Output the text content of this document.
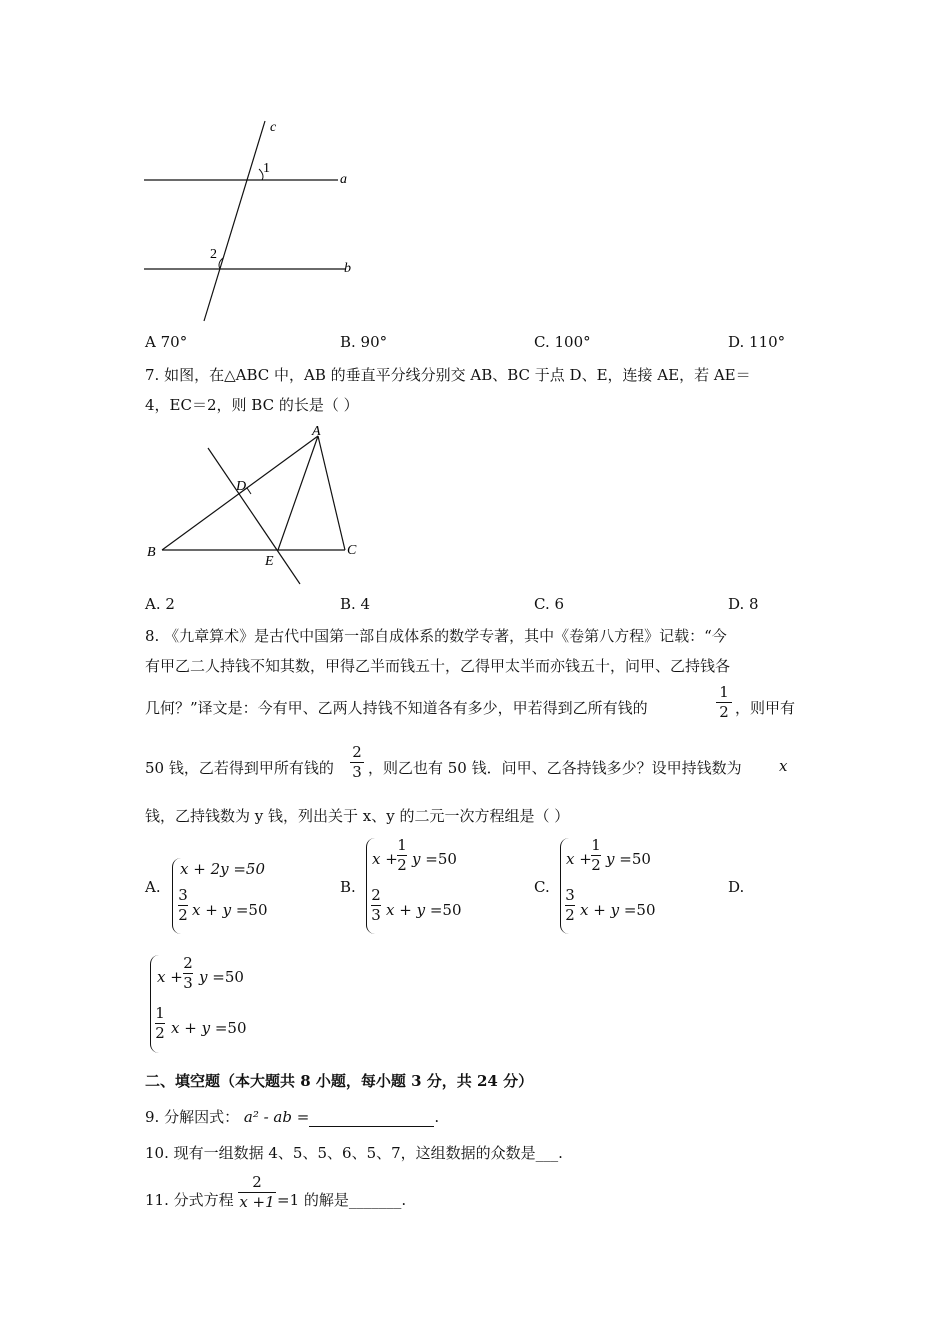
c
1
a
2
b
A 70°	B. 90°	C. 100°	D. 110°
7. 如图，在△ABC 中，AB 的垂直平分线分别交 AB、BC 于点 D、E，连接 AE，若 AE＝
4，EC＝2，则 BC 的长是（ ）
A
B	C
D
E
A. 2	B. 4	C. 6	D. 8
8. 《九章算术》是古代中国第一部自成体系的数学专著，其中《卷第八方程》记载：“今
有甲乙二人持钱不知其数，甲得乙半而钱五十，乙得甲太半而亦钱五十，问甲、乙持钱各
几何？”译文是：今有甲、乙两人持钱不知道各有多少，甲若得到乙所有钱的
1
2 ，则甲有
50 钱，乙若得到甲所有钱的
2
3 ，则乙也有 50 钱．问甲、乙各持钱多少？设甲持钱数为 x
钱，乙持钱数为 y 钱，列出关于 x、y 的二元一次方程组是（ ）
A.
x + 2y =50
3
2 x + y =50
B.
x +
1
2 y =50
2
3 x + y =50
C.
x +
1
2 y =50
3
2 x + y =50
D.
x +
2
3 y =50
1
2 x + y =50
二、填空题（本大题共 8 小题，每小题 3 分，共 24 分）
9. 分解因式： a² - ab =	.
10. 现有一组数据 4、5、5、6、5、7，这组数据的众数是___.
11. 分式方程
2
x +1 =1 的解是_______.
